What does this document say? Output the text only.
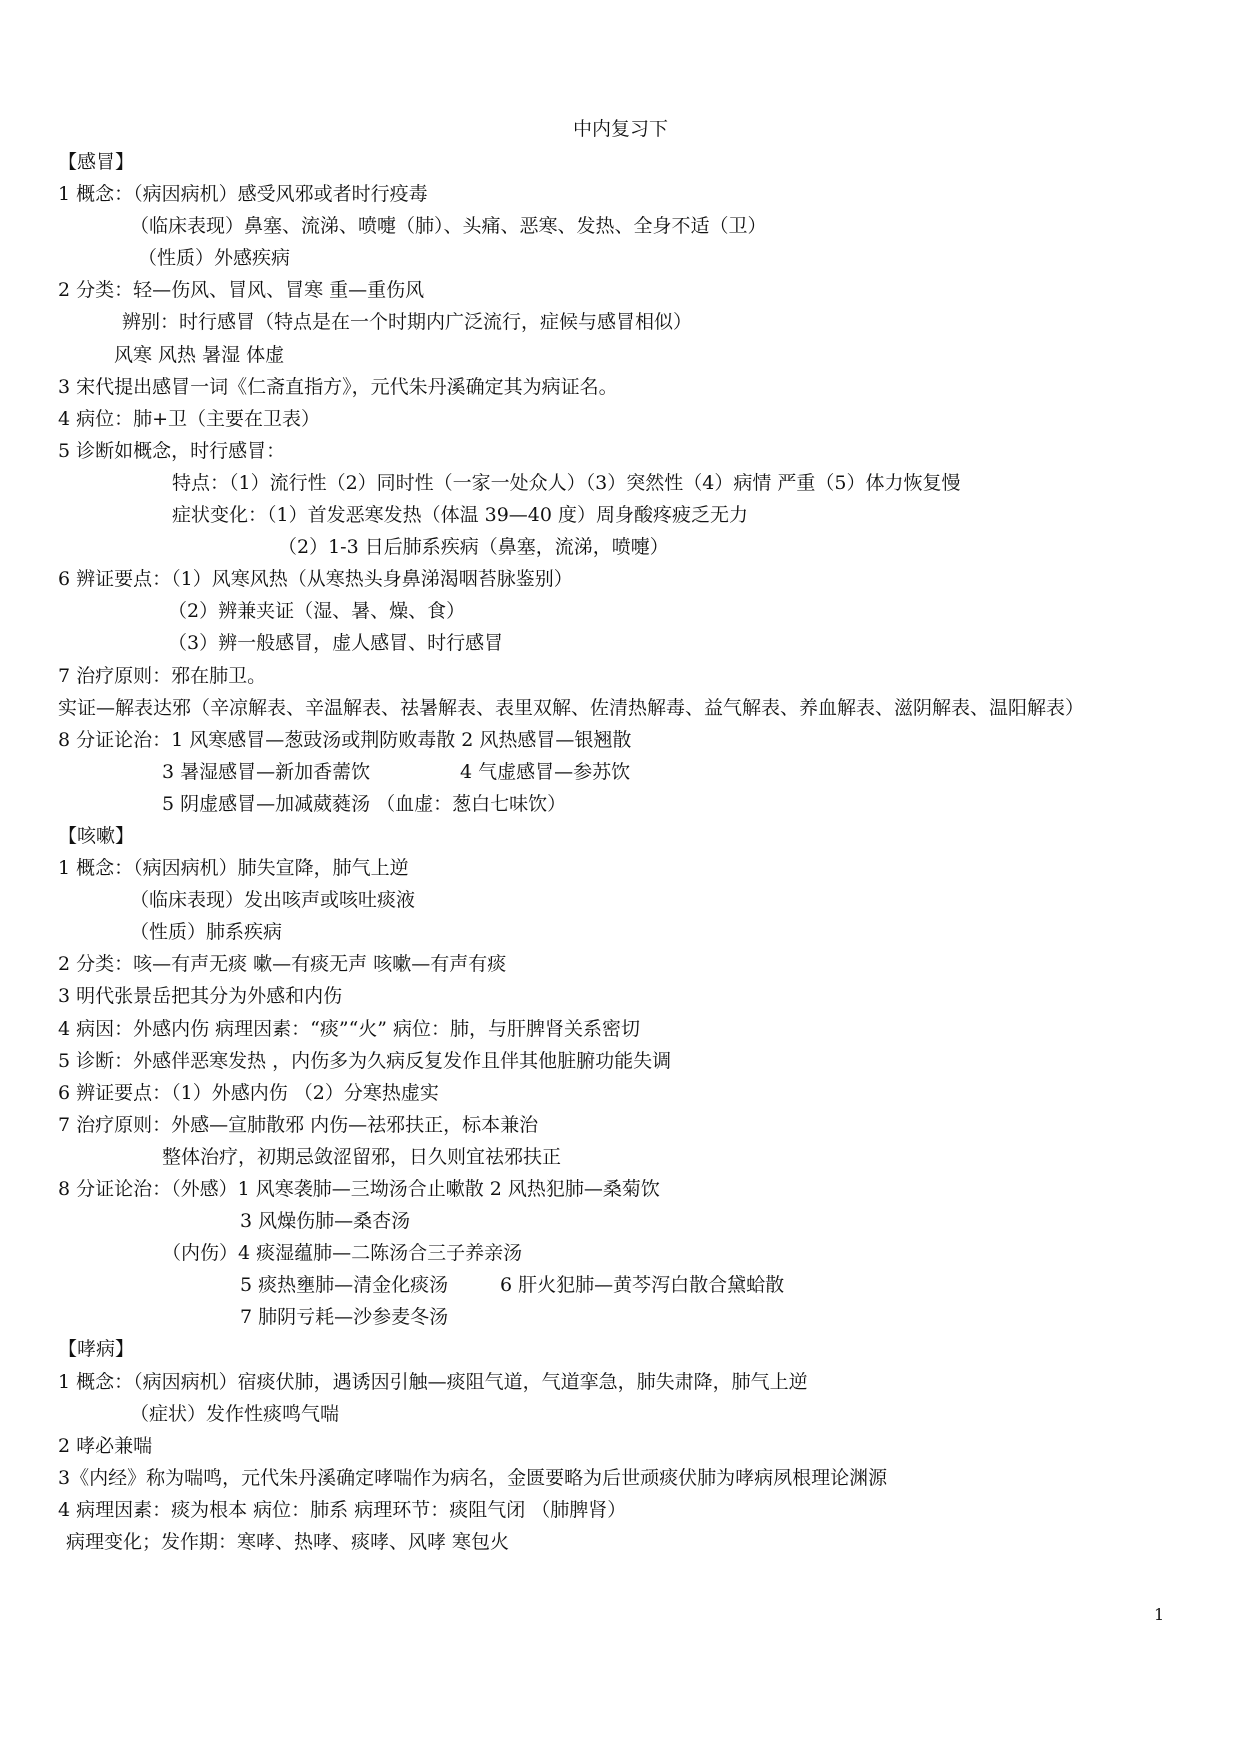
中内复习下
【感冒】
1 概念：（病因病机）感受风邪或者时行疫毒
（临床表现）鼻塞、流涕、喷嚏（肺）、头痛、恶寒、发热、全身不适（卫）
（性质）外感疾病
2 分类：轻—伤风、冒风、冒寒 重—重伤风
辨别：时行感冒（特点是在一个时期内广泛流行，症候与感冒相似）
风寒 风热 暑湿 体虚
3 宋代提出感冒一词《仁斋直指方》，元代朱丹溪确定其为病证名。
4 病位：肺+卫（主要在卫表）
5 诊断如概念，时行感冒：
特点：（1）流行性（2）同时性（一家一处众人）（3）突然性（4）病情 严重（5）体力恢复慢
症状变化：（1）首发恶寒发热（体温 39—40 度）周身酸疼疲乏无力
（2）1-3 日后肺系疾病（鼻塞，流涕，喷嚏）
6 辨证要点：（1）风寒风热（从寒热头身鼻涕渴咽苔脉鉴别）
（2）辨兼夹证（湿、暑、燥、食）
（3）辨一般感冒，虚人感冒、时行感冒
7 治疗原则：邪在肺卫。
实证—解表达邪（辛凉解表、辛温解表、祛暑解表、表里双解、佐清热解毒、益气解表、养血解表、滋阴解表、温阳解表）
8 分证论治：1 风寒感冒—葱豉汤或荆防败毒散 2 风热感冒—银翘散
3 暑湿感冒—新加香薷饮	4 气虚感冒—参苏饮
5 阴虚感冒—加减葳蕤汤 （血虚：葱白七味饮）
【咳嗽】
1 概念：（病因病机）肺失宣降，肺气上逆
（临床表现）发出咳声或咳吐痰液
（性质）肺系疾病
2 分类：咳—有声无痰 嗽—有痰无声 咳嗽—有声有痰
3 明代张景岳把其分为外感和内伤
4 病因：外感内伤 病理因素：“痰”“火” 病位：肺，与肝脾肾关系密切
5 诊断：外感伴恶寒发热 ，内伤多为久病反复发作且伴其他脏腑功能失调
6 辨证要点：（1）外感内伤 （2）分寒热虚实
7 治疗原则：外感—宣肺散邪 内伤—祛邪扶正，标本兼治
整体治疗，初期忌敛涩留邪，日久则宜祛邪扶正
8 分证论治：（外感）1 风寒袭肺—三坳汤合止嗽散 2 风热犯肺—桑菊饮
3 风燥伤肺—桑杏汤
（内伤）4 痰湿蕴肺—二陈汤合三子养亲汤
5 痰热壅肺—清金化痰汤	6 肝火犯肺—黄芩泻白散合黛蛤散
7 肺阴亏耗—沙参麦冬汤
【哮病】
1 概念：（病因病机）宿痰伏肺，遇诱因引触—痰阻气道，气道挛急，肺失肃降，肺气上逆
（症状）发作性痰鸣气喘
2 哮必兼喘
3《内经》称为喘鸣，元代朱丹溪确定哮喘作为病名，金匮要略为后世顽痰伏肺为哮病夙根理论渊源
4 病理因素：痰为根本 病位：肺系 病理环节：痰阻气闭 （肺脾肾）
病理变化；发作期：寒哮、热哮、痰哮、风哮 寒包火
1
